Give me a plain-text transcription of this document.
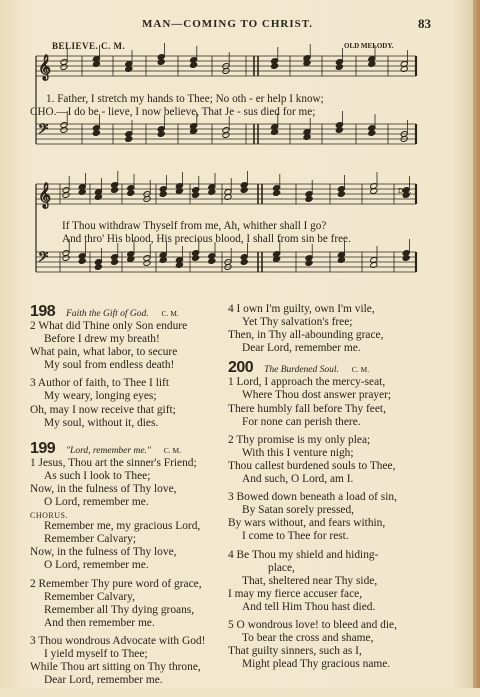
MAN—COMING TO CHRIST.	83
BELIEVE. C. M.	OLD MELODY.
𝄞
𝄢
𝄞
𝄢
1. Father, I stretch my hands to Thee; No oth - er help I know;
CHO.—I do be - lieve, I now believe, That Je - sus died for me;
If Thou withdraw Thyself from me, Ah, whither shall I go?
And thro' His blood, His precious blood, I shall from sin be free.
D.C.
198 Faith the Gift of God. C. M.
2 What did Thine only Son endure
Before I drew my breath!
What pain, what labor, to secure
My soul from endless death!
3 Author of faith, to Thee I lift
My weary, longing eyes;
Oh, may I now receive that gift;
My soul, without it, dies.
199 "Lord, remember me." C. M.
1 Jesus, Thou art the sinner's Friend;
As such I look to Thee;
Now, in the fulness of Thy love,
O Lord, remember me.
CHORUS.
Remember me, my gracious Lord,
Remember Calvary;
Now, in the fulness of Thy love,
O Lord, remember me.
2 Remember Thy pure word of grace,
Remember Calvary,
Remember all Thy dying groans,
And then remember me.
3 Thou wondrous Advocate with God!
I yield myself to Thee;
While Thou art sitting on Thy throne,
Dear Lord, remember me.
4 I own I'm guilty, own I'm vile,
Yet Thy salvation's free;
Then, in Thy all-abounding grace,
Dear Lord, remember me.
200 The Burdened Soul. C. M.
1 Lord, I approach the mercy-seat,
Where Thou dost answer prayer;
There humbly fall before Thy feet,
For none can perish there.
2 Thy promise is my only plea;
With this I venture nigh;
Thou callest burdened souls to Thee,
And such, O Lord, am I.
3 Bowed down beneath a load of sin,
By Satan sorely pressed,
By wars without, and fears within,
I come to Thee for rest.
4 Be Thou my shield and hiding-
place,
That, sheltered near Thy side,
I may my fierce accuser face,
And tell Him Thou hast died.
5 O wondrous love! to bleed and die,
To bear the cross and shame,
That guilty sinners, such as I,
Might plead Thy gracious name.
